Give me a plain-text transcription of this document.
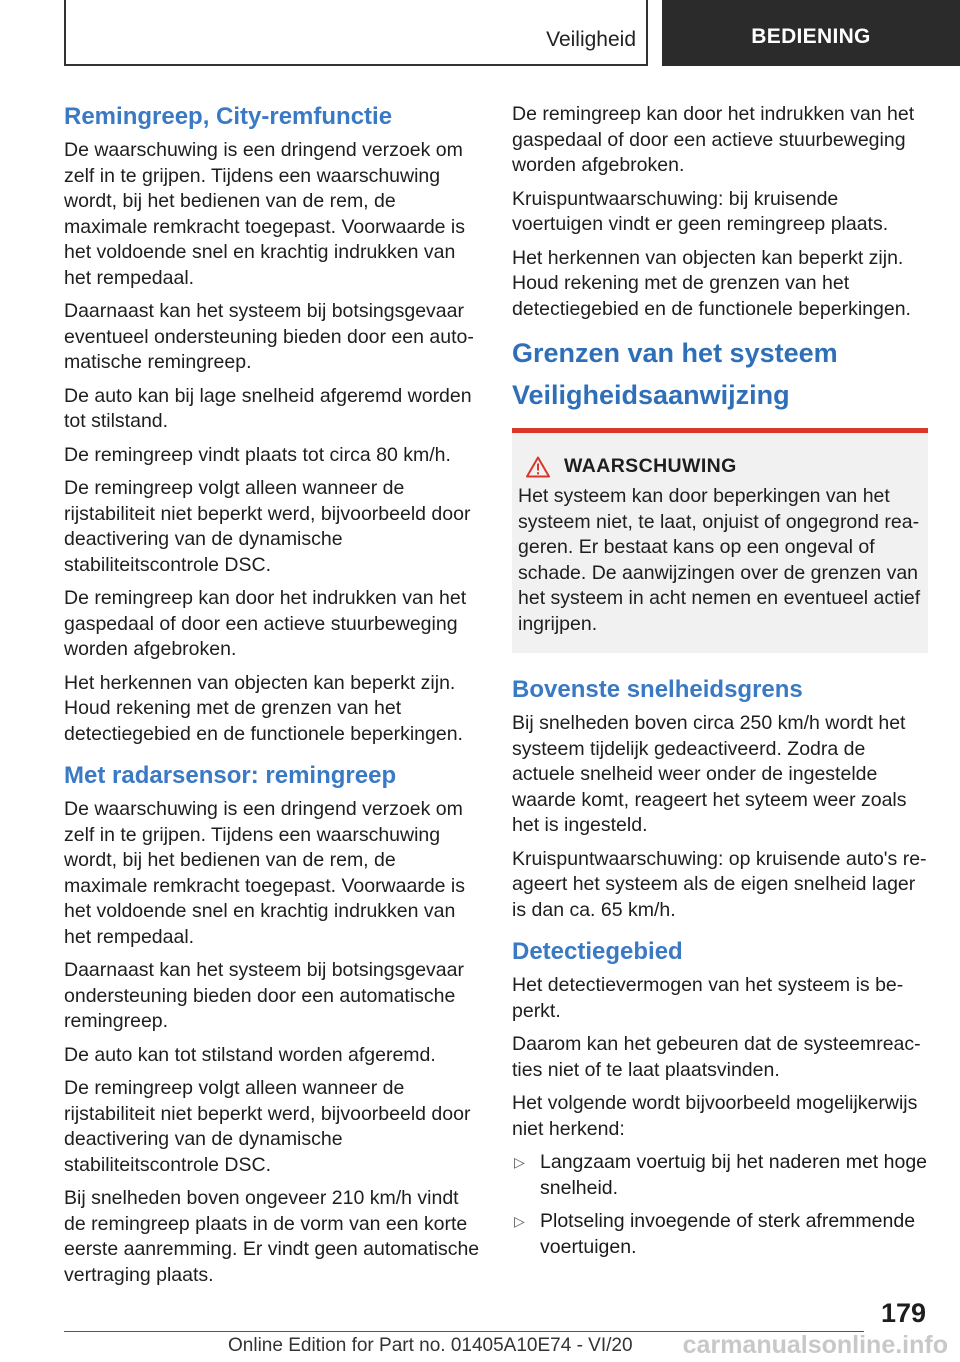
Veiligheid	BEDIENING
Remingreep, City-remfunctie

De waarschuwing is een dringend verzoek om zelf in te grijpen. Tijdens een waarschuwing wordt, bij het bedienen van de rem, de maximale remkracht toegepast. Voorwaarde is het voldoende snel en krachtig indrukken van het rempedaal.

Daarnaast kan het systeem bij botsingsgevaar eventueel ondersteuning bieden door een automatische remingreep.

De auto kan bij lage snelheid afgeremd worden tot stilstand.

De remingreep vindt plaats tot circa 80 km/h.

De remingreep volgt alleen wanneer de rijstabiliteit niet beperkt werd, bijvoorbeeld door deactivering van de dynamische stabiliteitscontrole DSC.

De remingreep kan door het indrukken van het gaspedaal of door een actieve stuurbeweging worden afgebroken.

Het herkennen van objecten kan beperkt zijn. Houd rekening met de grenzen van het detectiegebied en de functionele beperkingen.

Met radarsensor: remingreep

De waarschuwing is een dringend verzoek om zelf in te grijpen. Tijdens een waarschuwing wordt, bij het bedienen van de rem, de maximale remkracht toegepast. Voorwaarde is het voldoende snel en krachtig indrukken van het rempedaal.

Daarnaast kan het systeem bij botsingsgevaar ondersteuning bieden door een automatische remingreep.

De auto kan tot stilstand worden afgeremd.

De remingreep volgt alleen wanneer de rijstabiliteit niet beperkt werd, bijvoorbeeld door deactivering van de dynamische stabiliteitscontrole DSC.

Bij snelheden boven ongeveer 210 km/h vindt de remingreep plaats in de vorm van een korte eerste aanremming. Er vindt geen automatische vertraging plaats.

De remingreep kan door het indrukken van het gaspedaal of door een actieve stuurbeweging worden afgebroken.

Kruispuntwaarschuwing: bij kruisende voertuigen vindt er geen remingreep plaats.

Het herkennen van objecten kan beperkt zijn. Houd rekening met de grenzen van het detectiegebied en de functionele beperkingen.

Grenzen van het systeem
Veiligheidsaanwijzing
WAARSCHUWING

Het systeem kan door beperkingen van het systeem niet, te laat, onjuist of ongegrond reageren. Er bestaat kans op een ongeval of schade. De aanwijzingen over de grenzen van het systeem in acht nemen en eventueel actief ingrijpen.

Bovenste snelheidsgrens

Bij snelheden boven circa 250 km/h wordt het systeem tijdelijk gedeactiveerd. Zodra de actuele snelheid weer onder de ingestelde waarde komt, reageert het syteem weer zoals het is ingesteld.

Kruispuntwaarschuwing: op kruisende auto's reageert het systeem als de eigen snelheid lager is dan ca. 65 km/h.

Detectiegebied

Het detectievermogen van het systeem is beperkt.

Daarom kan het gebeuren dat de systeemreacties niet of te laat plaatsvinden.

Het volgende wordt bijvoorbeeld mogelijkerwijs niet herkend:

▷ Langzaam voertuig bij het naderen met hoge snelheid.
▷ Plotseling invoegende of sterk afremmende voertuigen.
179
Online Edition for Part no. 01405A10E74 - VI/20 carmanualsonline.info
